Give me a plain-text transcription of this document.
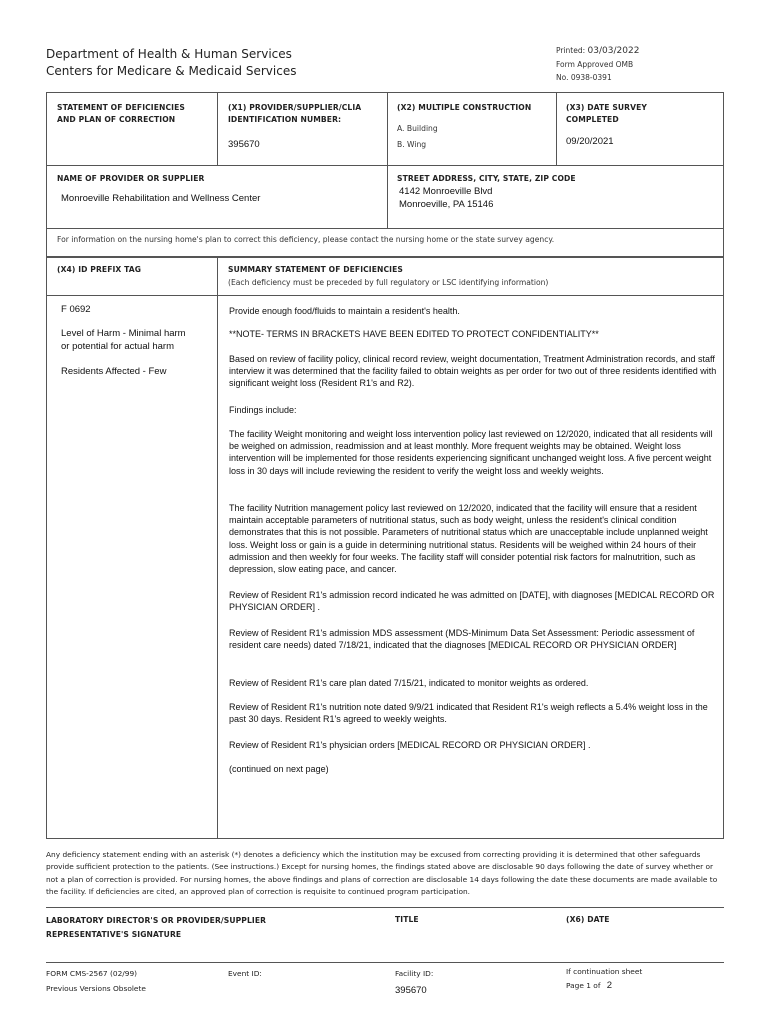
Department of Health & Human Services
Centers for Medicare & Medicaid Services
Printed: 03/03/2022
Form Approved OMB
No. 0938-0391
STATEMENT OF DEFICIENCIES
AND PLAN OF CORRECTION
(X1) PROVIDER/SUPPLIER/CLIA
IDENTIFICATION NUMBER:
395670
(X2) MULTIPLE CONSTRUCTION
A. Building
B. Wing
(X3) DATE SURVEY
COMPLETED
09/20/2021
NAME OF PROVIDER OR SUPPLIER
Monroeville Rehabilitation and Wellness Center
STREET ADDRESS, CITY, STATE, ZIP CODE
4142 Monroeville Blvd
Monroeville, PA 15146
For information on the nursing home's plan to correct this deficiency, please contact the nursing home or the state survey agency.
(X4) ID PREFIX TAG	SUMMARY STATEMENT OF DEFICIENCIES
(Each deficiency must be preceded by full regulatory or LSC identifying information)
F 0692
Level of Harm - Minimal harm
or potential for actual harm
Residents Affected - Few

Provide enough food/fluids to maintain a resident's health.

**NOTE- TERMS IN BRACKETS HAVE BEEN EDITED TO PROTECT CONFIDENTIALITY**

Based on review of facility policy, clinical record review, weight documentation, Treatment Administration records, and staff interview it was determined that the facility failed to obtain weights as per order for two out of three residents identified with significant weight loss (Resident R1's and R2).

Findings include:

The facility Weight monitoring and weight loss intervention policy last reviewed on 12/2020, indicated that all residents will be weighed on admission, readmission and at least monthly. More frequent weights may be obtained. Weight loss intervention will be implemented for those residents experiencing significant unchanged weight loss. A five percent weight loss in 30 days will include reviewing the resident to verify the weight loss and weekly weights.

The facility Nutrition management policy last reviewed on 12/2020, indicated that the facility will ensure that a resident maintain acceptable parameters of nutritional status, such as body weight, unless the resident's clinical condition demonstrates that this is not possible. Parameters of nutritional status which are unacceptable include unplanned weight loss. Weight loss or gain is a guide in determining nutritional status. Residents will be weighed within 24 hours of their admission and then weekly for four weeks. The facility staff will consider potential risk factors for malnutrition, such as depression, slow eating pace, and cancer.

Review of Resident R1's admission record indicated he was admitted on [DATE], with diagnoses [MEDICAL RECORD OR PHYSICIAN ORDER] .

Review of Resident R1's admission MDS assessment (MDS-Minimum Data Set Assessment: Periodic assessment of resident care needs) dated 7/18/21, indicated that the diagnoses [MEDICAL RECORD OR PHYSICIAN ORDER]

Review of Resident R1's care plan dated 7/15/21, indicated to monitor weights as ordered.

Review of Resident R1's nutrition note dated 9/9/21 indicated that Resident R1's weigh reflects a 5.4% weight loss in the past 30 days. Resident R1's agreed to weekly weights.

Review of Resident R1's physician orders [MEDICAL RECORD OR PHYSICIAN ORDER] .

(continued on next page)

Any deficiency statement ending with an asterisk (*) denotes a deficiency which the institution may be excused from correcting providing it is determined that other safeguards provide sufficient protection to the patients. (See instructions.) Except for nursing homes, the findings stated above are disclosable 90 days following the date of survey whether or not a plan of correction is provided. For nursing homes, the above findings and plans of correction are disclosable 14 days following the date these documents are made available to the facility. If deficiencies are cited, an approved plan of correction is requisite to continued program participation.
LABORATORY DIRECTOR'S OR PROVIDER/SUPPLIER
REPRESENTATIVE'S SIGNATURE
TITLE	(X6) DATE
FORM CMS-2567 (02/99)
Previous Versions Obsolete
Event ID:	Facility ID:
395670
If continuation sheet
Page 1 of 2
